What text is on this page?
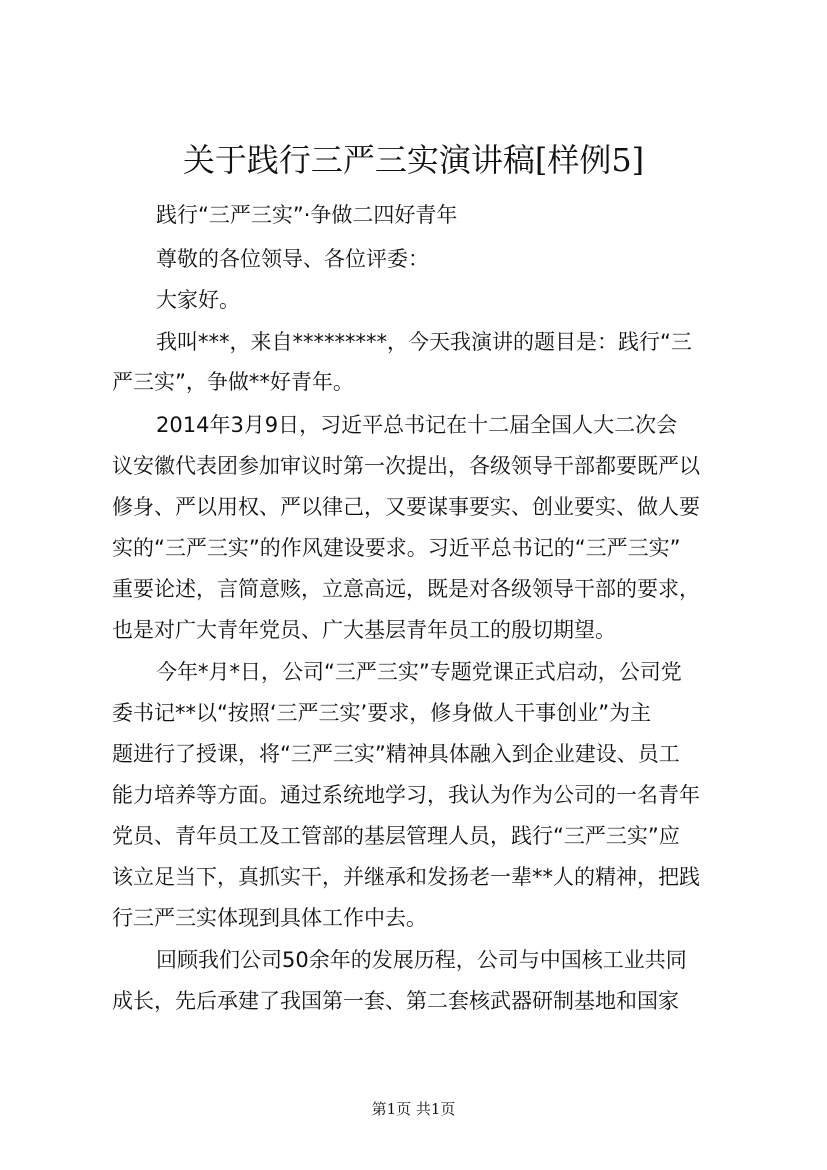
关于践行三严三实演讲稿[样例5]
践行“三严三实”·争做二四好青年
尊敬的各位领导、各位评委：
大家好。
我叫***，来自*********，今天我演讲的题目是：践行“三
严三实”，争做**好青年。
2014年3月9日，习近平总书记在十二届全国人大二次会
议安徽代表团参加审议时第一次提出，各级领导干部都要既严以
修身、严以用权、严以律己，又要谋事要实、创业要实、做人要
实的“三严三实”的作风建设要求。习近平总书记的“三严三实”
重要论述，言简意赅，立意高远，既是对各级领导干部的要求，
也是对广大青年党员、广大基层青年员工的殷切期望。
今年*月*日，公司“三严三实”专题党课正式启动，公司党
委书记**以“按照‘三严三实’要求，修身做人干事创业”为主
题进行了授课，将“三严三实”精神具体融入到企业建设、员工
能力培养等方面。通过系统地学习，我认为作为公司的一名青年
党员、青年员工及工管部的基层管理人员，践行“三严三实”应
该立足当下，真抓实干，并继承和发扬老一辈**人的精神，把践
行三严三实体现到具体工作中去。
回顾我们公司50余年的发展历程，公司与中国核工业共同
成长，先后承建了我国第一套、第二套核武器研制基地和国家
第1页 共1页
